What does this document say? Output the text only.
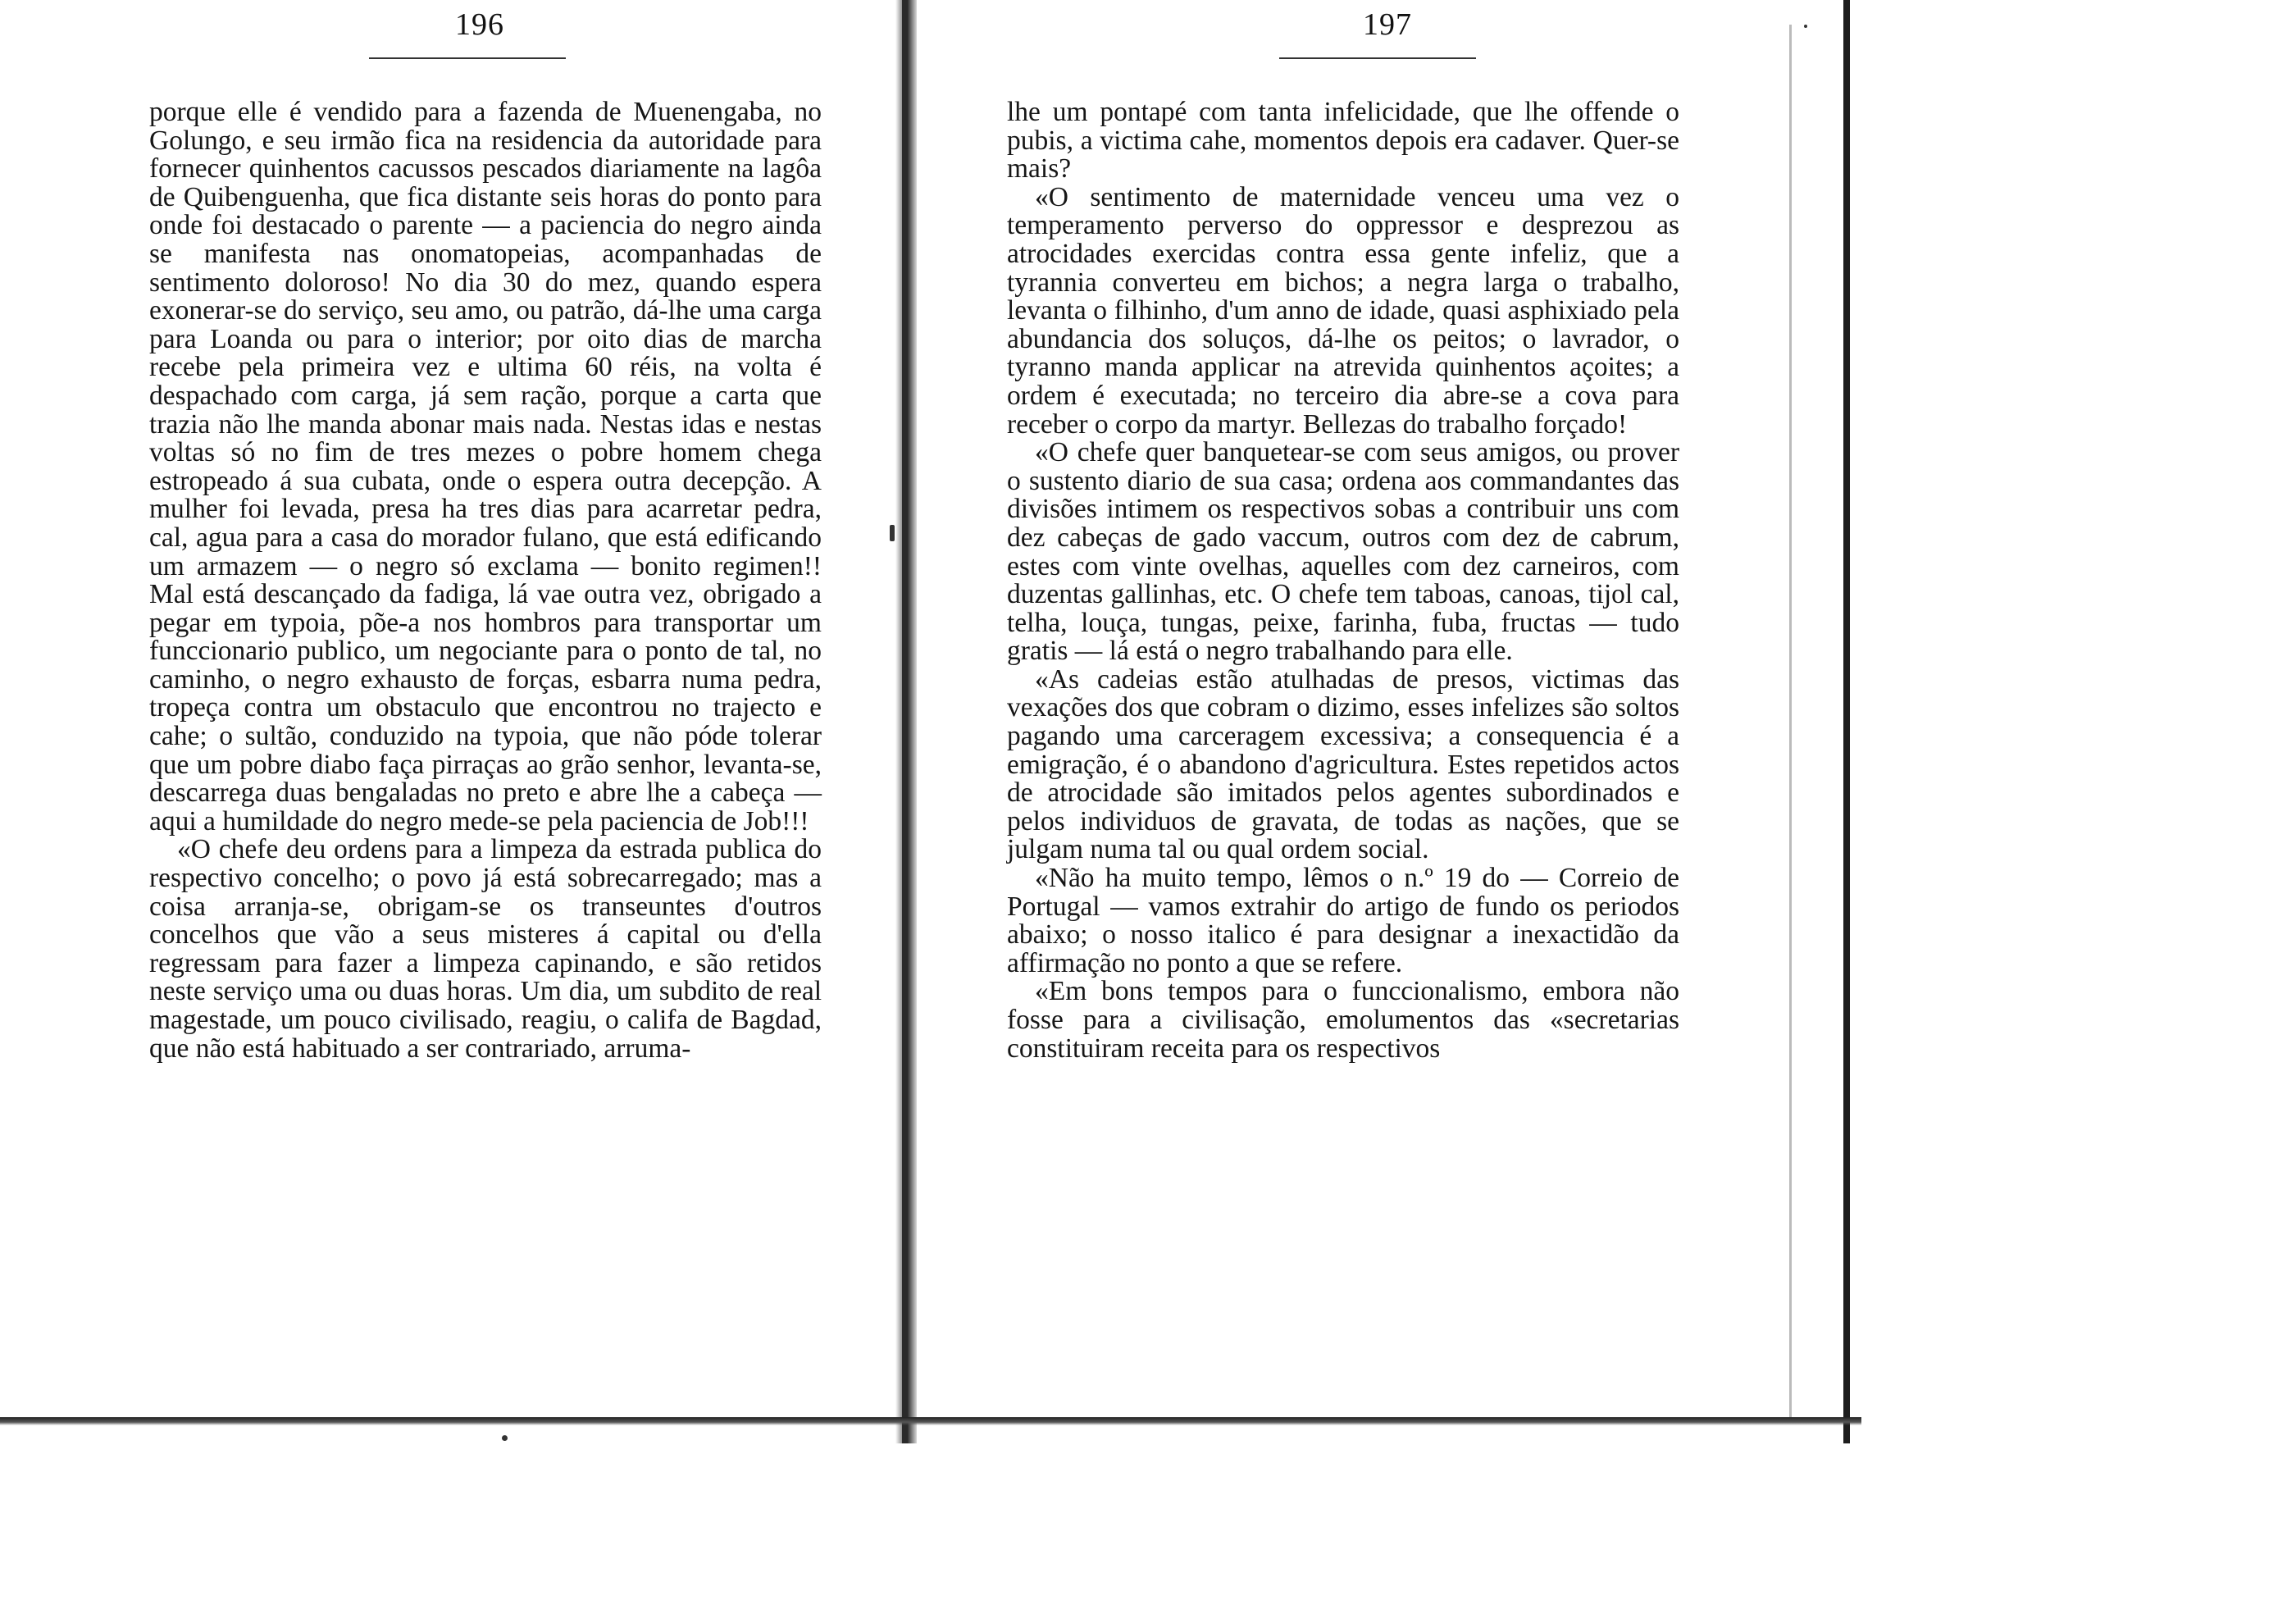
196

porque elle é vendido para a fazenda de Muenengaba, no Golungo, e seu irmão fica na residencia da autoridade para fornecer quinhentos cacussos pescados diariamente na lagôa de Quibenguenha, que fica distante seis horas do ponto para onde foi destacado o parente — a paciencia do negro ainda se manifesta nas onomatopeias, acompanhadas de sentimento doloroso! No dia 30 do mez, quando espera exonerar-se do serviço, seu amo, ou patrão, dá-lhe uma carga para Loanda ou para o interior; por oito dias de marcha recebe pela primeira vez e ultima 60 réis, na volta é despachado com carga, já sem ração, porque a carta que trazia não lhe manda abonar mais nada. Nestas idas e nestas voltas só no fim de tres mezes o pobre homem chega estropeado á sua cubata, onde o espera outra decepção. A mulher foi levada, presa ha tres dias para acarretar pedra, cal, agua para a casa do morador fulano, que está edificando um armazem — o negro só exclama — bonito regimen!! Mal está descançado da fadiga, lá vae outra vez, obrigado a pegar em typoia, põe-a nos hombros para transportar um funccionario publico, um negociante para o ponto de tal, no caminho, o negro exhausto de forças, esbarra numa pedra, tropeça contra um obstaculo que encontrou no trajecto e cahe; o sultão, conduzido na typoia, que não póde tolerar que um pobre diabo faça pirraças ao grão senhor, levanta-se, descarrega duas bengaladas no preto e abre lhe a cabeça — aqui a humildade do negro mede-se pela paciencia de Job!!!

«O chefe deu ordens para a limpeza da estrada publica do respectivo concelho; o povo já está sobrecarregado; mas a coisa arranja-se, obrigam-se os transeuntes d'outros concelhos que vão a seus misteres á capital ou d'ella regressam para fazer a limpeza capinando, e são retidos neste serviço uma ou duas horas. Um dia, um subdito de real magestade, um pouco civilisado, reagiu, o califa de Bagdad, que não está habituado a ser contrariado, arruma-

197

lhe um pontapé com tanta infelicidade, que lhe offende o pubis, a victima cahe, momentos depois era cadaver. Quer-se mais?

«O sentimento de maternidade venceu uma vez o temperamento perverso do oppressor e desprezou as atrocidades exercidas contra essa gente infeliz, que a tyrannia converteu em bichos; a negra larga o trabalho, levanta o filhinho, d'um anno de idade, quasi asphixiado pela abundancia dos soluços, dá-lhe os peitos; o lavrador, o tyranno manda applicar na atrevida quinhentos açoites; a ordem é executada; no terceiro dia abre-se a cova para receber o corpo da martyr. Bellezas do trabalho forçado!

«O chefe quer banquetear-se com seus amigos, ou prover o sustento diario de sua casa; ordena aos commandantes das divisões intimem os respectivos sobas a contribuir uns com dez cabeças de gado vaccum, outros com dez de cabrum, estes com vinte ovelhas, aquelles com dez carneiros, com duzentas gallinhas, etc. O chefe tem taboas, canoas, tijol cal, telha, louça, tungas, peixe, farinha, fuba, fructas — tudo gratis — lá está o negro trabalhando para elle.

«As cadeias estão atulhadas de presos, victimas das vexações dos que cobram o dizimo, esses infelizes são soltos pagando uma carceragem excessiva; a consequencia é a emigração, é o abandono d'agricultura. Estes repetidos actos de atrocidade são imitados pelos agentes subordinados e pelos individuos de gravata, de todas as nações, que se julgam numa tal ou qual ordem social.

«Não ha muito tempo, lêmos o n.º 19 do — Correio de Portugal — vamos extrahir do artigo de fundo os periodos abaixo; o nosso italico é para designar a inexactidão da affirmação no ponto a que se refere.

«Em bons tempos para o funccionalismo, embora não fosse para a civilisação, emolumentos das «secretarias constituiram receita para os respectivos
